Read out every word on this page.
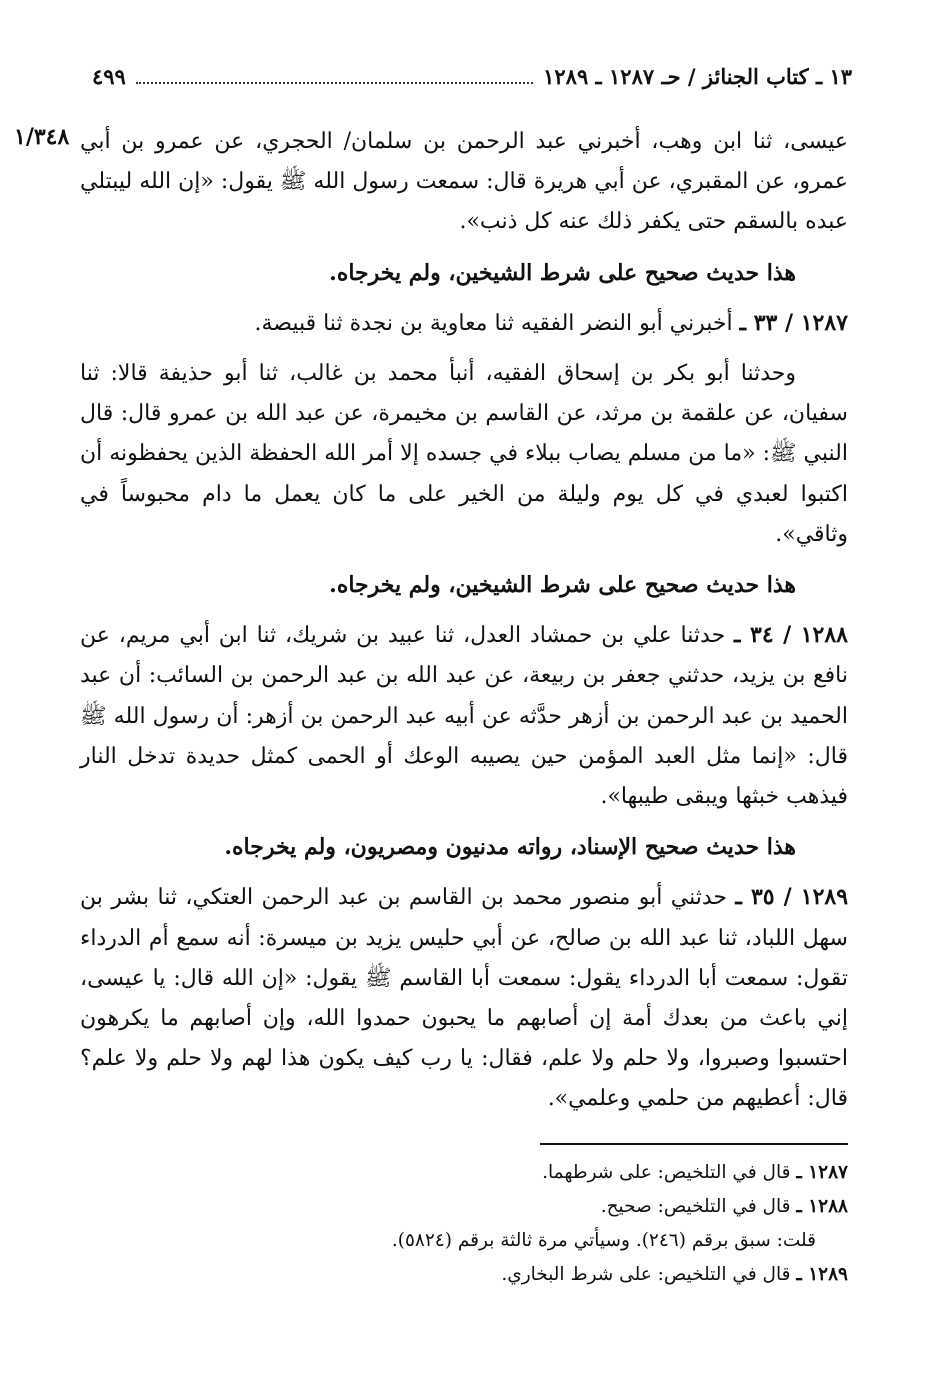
١٣ ـ كتاب الجنائز / حـ ١٢٨٧ ـ ١٢٨٩
٤٩٩
١/٣٤٨ عيسى، ثنا ابن وهب، أخبرني عبد الرحمن بن سلمان/ الحجري، عن عمرو بن أبي عمرو، عن المقبري، عن أبي هريرة قال: سمعت رسول الله ﷺ يقول: «إن الله ليبتلي عبده بالسقم حتى يكفر ذلك عنه كل ذنب».

هذا حديث صحيح على شرط الشيخين، ولم يخرجاه.

١٢٨٧ / ٣٣ ـ أخبرني أبو النضر الفقيه ثنا معاوية بن نجدة ثنا قبيصة.

وحدثنا أبو بكر بن إسحاق الفقيه، أنبأ محمد بن غالب، ثنا أبو حذيفة قالا: ثنا سفيان، عن علقمة بن مرثد، عن القاسم بن مخيمرة، عن عبد الله بن عمرو قال: قال النبي ﷺ: «ما من مسلم يصاب ببلاء في جسده إلا أمر الله الحفظة الذين يحفظونه أن اكتبوا لعبدي في كل يوم وليلة من الخير على ما كان يعمل ما دام محبوساً في وثاقي».

هذا حديث صحيح على شرط الشيخين، ولم يخرجاه.

١٢٨٨ / ٣٤ ـ حدثنا علي بن حمشاد العدل، ثنا عبيد بن شريك، ثنا ابن أبي مريم، عن نافع بن يزيد، حدثني جعفر بن ربيعة، عن عبد الله بن عبد الرحمن بن السائب: أن عبد الحميد بن عبد الرحمن بن أزهر حدَّثه عن أبيه عبد الرحمن بن أزهر: أن رسول الله ﷺ قال: «إنما مثل العبد المؤمن حين يصيبه الوعك أو الحمى كمثل حديدة تدخل النار فيذهب خبثها ويبقى طيبها».

هذا حديث صحيح الإسناد، رواته مدنيون ومصريون، ولم يخرجاه.

١٢٨٩ / ٣٥ ـ حدثني أبو منصور محمد بن القاسم بن عبد الرحمن العتكي، ثنا بشر بن سهل اللباد، ثنا عبد الله بن صالح، عن أبي حليس يزيد بن ميسرة: أنه سمع أم الدرداء تقول: سمعت أبا الدرداء يقول: سمعت أبا القاسم ﷺ يقول: «إن الله قال: يا عيسى، إني باعث من بعدك أمة إن أصابهم ما يحبون حمدوا الله، وإن أصابهم ما يكرهون احتسبوا وصبروا، ولا حلم ولا علم، فقال: يا رب كيف يكون هذا لهم ولا حلم ولا علم؟ قال: أعطيهم من حلمي وعلمي».

١٢٨٧ ـ قال في التلخيص: على شرطهما.
١٢٨٨ ـ قال في التلخيص: صحيح.
قلت: سبق برقم (٢٤٦). وسيأتي مرة ثالثة برقم (٥٨٢٤).
١٢٨٩ ـ قال في التلخيص: على شرط البخاري.
